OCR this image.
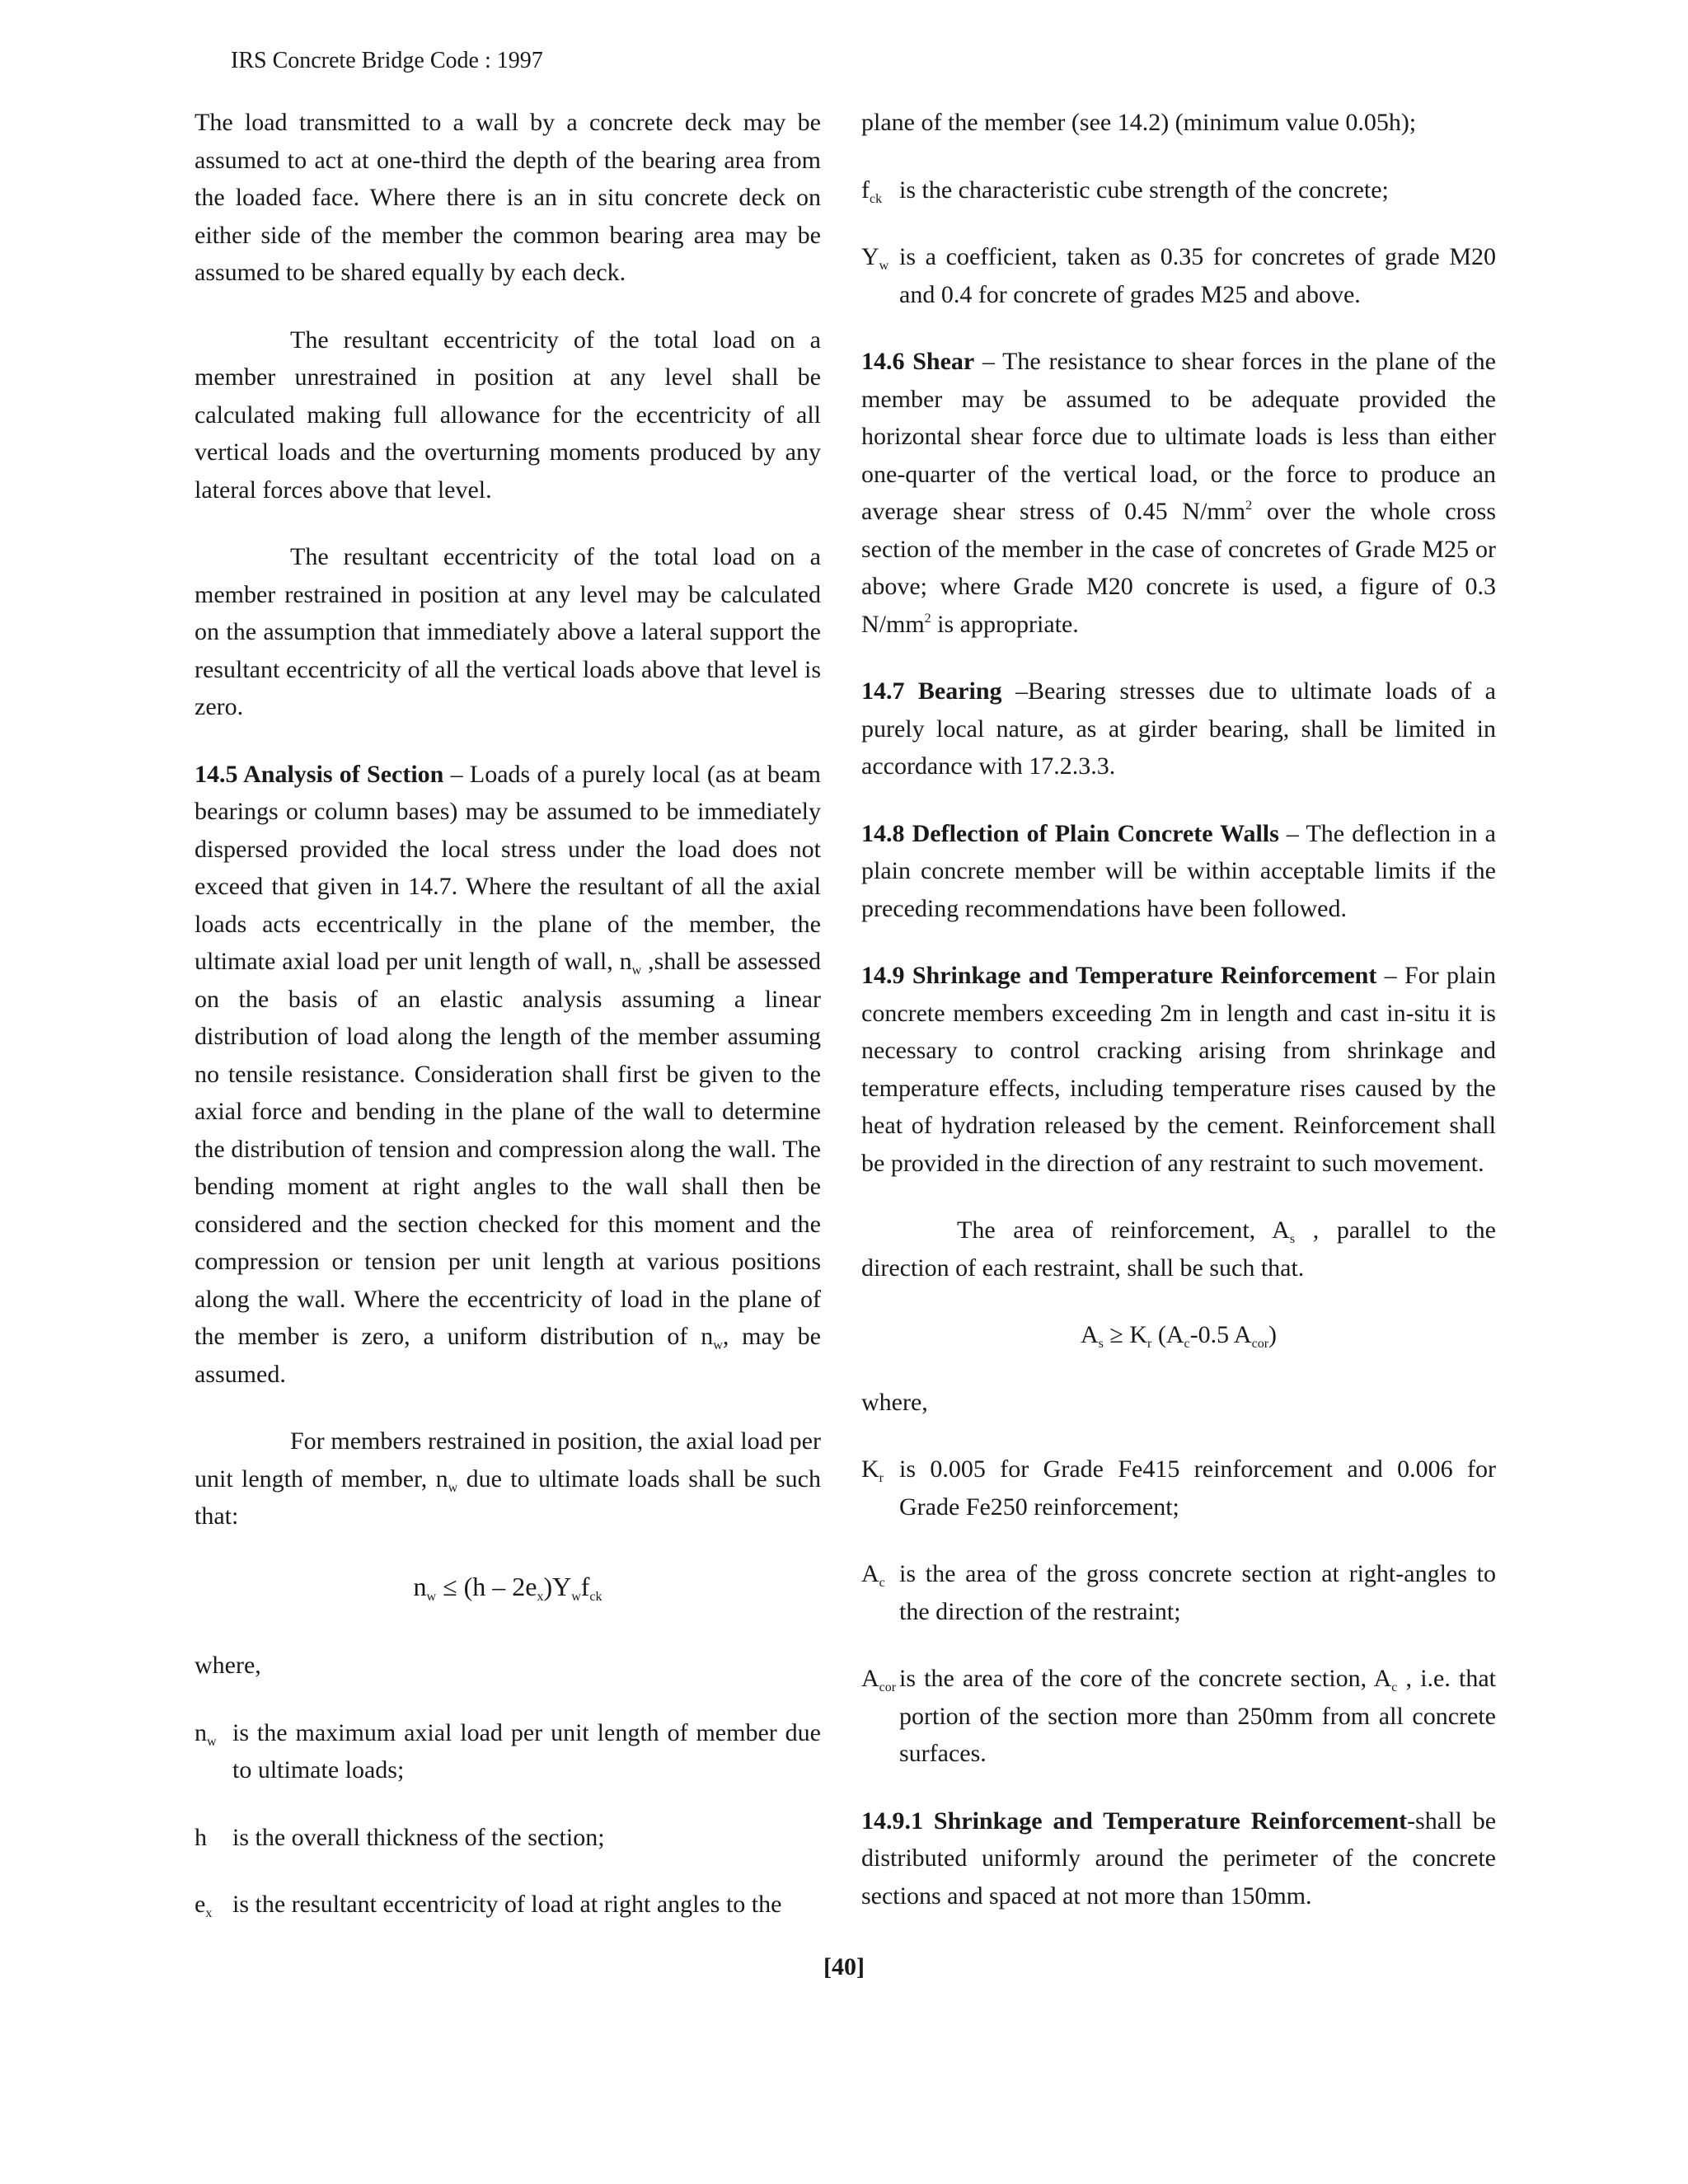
IRS Concrete Bridge Code : 1997

The load transmitted to a wall by a concrete deck may be assumed to act at one-third the depth of the bearing area from the loaded face. Where there is an in situ concrete deck on either side of the member the common bearing area may be assumed to be shared equally by each deck.

The resultant eccentricity of the total load on a member unrestrained in position at any level shall be calculated making full allowance for the eccentricity of all vertical loads and the overturning moments produced by any lateral forces above that level.

The resultant eccentricity of the total load on a member restrained in position at any level may be calculated on the assumption that immediately above a lateral support the resultant eccentricity of all the vertical loads above that level is zero.

14.5 Analysis of Section – Loads of a purely local (as at beam bearings or column bases) may be assumed to be immediately dispersed provided the local stress under the load does not exceed that given in 14.7. Where the resultant of all the axial loads acts eccentrically in the plane of the member, the ultimate axial load per unit length of wall, $n_w$ ,shall be assessed on the basis of an elastic analysis assuming a linear distribution of load along the length of the member assuming no tensile resistance. Consideration shall first be given to the axial force and bending in the plane of the wall to determine the distribution of tension and compression along the wall. The bending moment at right angles to the wall shall then be considered and the section checked for this moment and the compression or tension per unit length at various positions along the wall. Where the eccentricity of load in the plane of the member is zero, a uniform distribution of $n_w$, may be assumed.

For members restrained in position, the axial load per unit length of member, $n_w$ due to ultimate loads shall be such that:

$n_w \le (h - 2e_x)Y_wf_{ck}$

where,

$n_w$ is the maximum axial load per unit length of member due to ultimate loads;
h is the overall thickness of the section;
$e_x$ is the resultant eccentricity of load at right angles to the

plane of the member (see 14.2) (minimum value 0.05h);

$f_{ck}$ is the characteristic cube strength of the concrete;
$Y_w$ is a coefficient, taken as 0.35 for concretes of grade M20 and 0.4 for concrete of grades M25 and above.

14.6 Shear – The resistance to shear forces in the plane of the member may be assumed to be adequate provided the horizontal shear force due to ultimate loads is less than either one-quarter of the vertical load, or the force to produce an average shear stress of 0.45 $N/mm^2$ over the whole cross section of the member in the case of concretes of Grade M25 or above; where Grade M20 concrete is used, a figure of 0.3 $N/mm^2$ is appropriate.

14.7 Bearing –Bearing stresses due to ultimate loads of a purely local nature, as at girder bearing, shall be limited in accordance with 17.2.3.3.

14.8 Deflection of Plain Concrete Walls – The deflection in a plain concrete member will be within acceptable limits if the preceding recommendations have been followed.

14.9 Shrinkage and Temperature Reinforcement – For plain concrete members exceeding 2m in length and cast in-situ it is necessary to control cracking arising from shrinkage and temperature effects, including temperature rises caused by the heat of hydration released by the cement. Reinforcement shall be provided in the direction of any restraint to such movement.

The area of reinforcement, $A_s$ , parallel to the direction of each restraint, shall be such that.

$A_s \ge K_r$ ($A_c-0.5$ $A_{cor}$)

where,

$K_r$ is 0.005 for Grade Fe415 reinforcement and 0.006 for Grade Fe250 reinforcement;
$A_c$ is the area of the gross concrete section at right-angles to the direction of the restraint;
$A_{cor}$ is the area of the core of the concrete section, $A_c$ , i.e. that portion of the section more than 250mm from all concrete surfaces.

14.9.1 Shrinkage and Temperature Reinforcement-shall be distributed uniformly around the perimeter of the concrete sections and spaced at not more than 150mm.

[40]
